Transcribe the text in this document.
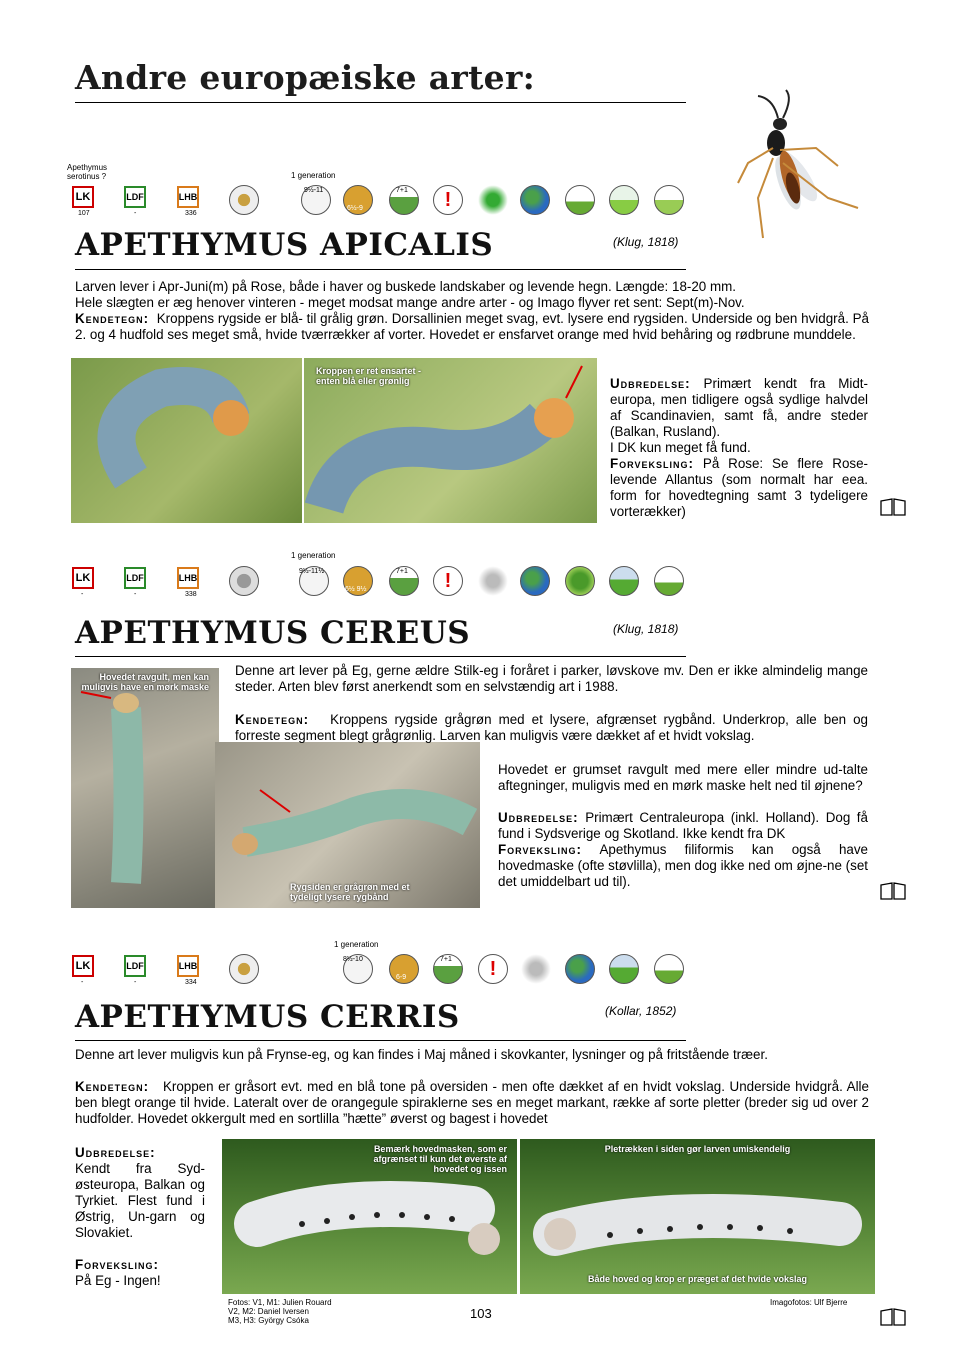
Andre europæiske arter:
Apethymus serotinus ?	1 generation
LK
107
LDF
-
LHB
336
9½-11
6½-9
7+1 !
APETHYMUS APICALIS	(Klug, 1818)
Larven lever i Apr-Juni(m) på Rose, både i haver og buskede landskaber og levende hegn. Længde: 18-20 mm.
Hele slægten er æg henover vinteren - meget modsat mange andre arter - og Imago flyver ret sent: Sept(m)-Nov.
Kendetegn: Kroppens rygside er blå- til grålig grøn. Dorsallinien meget svag, evt. lysere end rygsiden. Underside og ben hvidgrå. På 2. og 4 hudfold ses meget små, hvide tværrækker af vorter. Hovedet er ensfarvet orange med hvid behåring og rødbrune munddele.
Kroppen er ret ensartet - enten blå eller grønlig	Udbredelse: Primært kendt fra Midt-europa, men tidligere også sydlige halvdel af Scandinavien, samt få, andre steder (Balkan, Rusland).
I DK kun meget få fund.
Forveksling: På Rose: Se flere Rose-levende Allantus (som normalt har eea. form for hovedtegning samt 3 tydeligere vorterækker)
1 generation
LK
-
LDF
-
LHB
338
9½-11½
6½ 9½
7+1 !
APETHYMUS CEREUS	(Klug, 1818)
Hovedet ravgult, men kan muligvis have en mørk maske
Rygsiden er grågrøn med et tydeligt lysere rygbånd
Denne art lever på Eg, gerne ældre Stilk-eg i foråret i parker, løvskove mv. Den er ikke almindelig mange steder. Arten blev først anerkendt som en selvstændig art i 1988.
Kendetegn: Kroppens rygside grågrøn med et lysere, afgrænset rygbånd. Underkrop, alle ben og forreste segment blegt grågrønlig. Larven kan muligvis være dækket af et hvidt vokslag.
Hovedet er grumset ravgult med mere eller mindre ud-talte aftegninger, muligvis med en mørk maske helt ned til øjnene?
Udbredelse: Primært Centraleuropa (inkl. Holland). Dog få fund i Sydsverige og Skotland. Ikke kendt fra DK
Forveksling: Apethymus filiformis kan også have hovedmaske (ofte støvlilla), men dog ikke ned om øjne-ne (set det umiddelbart ud til).
1 generation
LK
-
LDF
-
LHB
334
8½-10
6-9
7+1 !
APETHYMUS CERRIS	(Kollar, 1852)
Denne art lever muligvis kun på Frynse-eg, og kan findes i Maj måned i skovkanter, lysninger og på fritstående træer.
Kendetegn: Kroppen er gråsort evt. med en blå tone på oversiden - men ofte dækket af en hvidt vokslag. Underside hvidgrå. Alle ben blegt orange til hvide. Lateralt over de orangegule spiraklerne ses en meget markant, række af sorte pletter (breder sig ud over 2 hudfolder. Hovedet okkergult med en sortlilla ”hætte” øverst og bagest i hovedet
Udbredelse:
Kendt fra Syd-østeuropa, Balkan og Tyrkiet. Flest fund i Østrig, Un-garn og Slovakiet.
Forveksling:
På Eg - Ingen!
Bemærk hovedmasken, som er afgrænset til kun det øverste af hovedet og issen
Pletrækken i siden gør larven umiskendelig
Både hoved og krop er præget af det hvide vokslag
Fotos: V1, M1: Julien Rouard
V2, M2: Daniel Iversen
M3, H3: György Csóka	103
Imagofotos: Ulf Bjerre
